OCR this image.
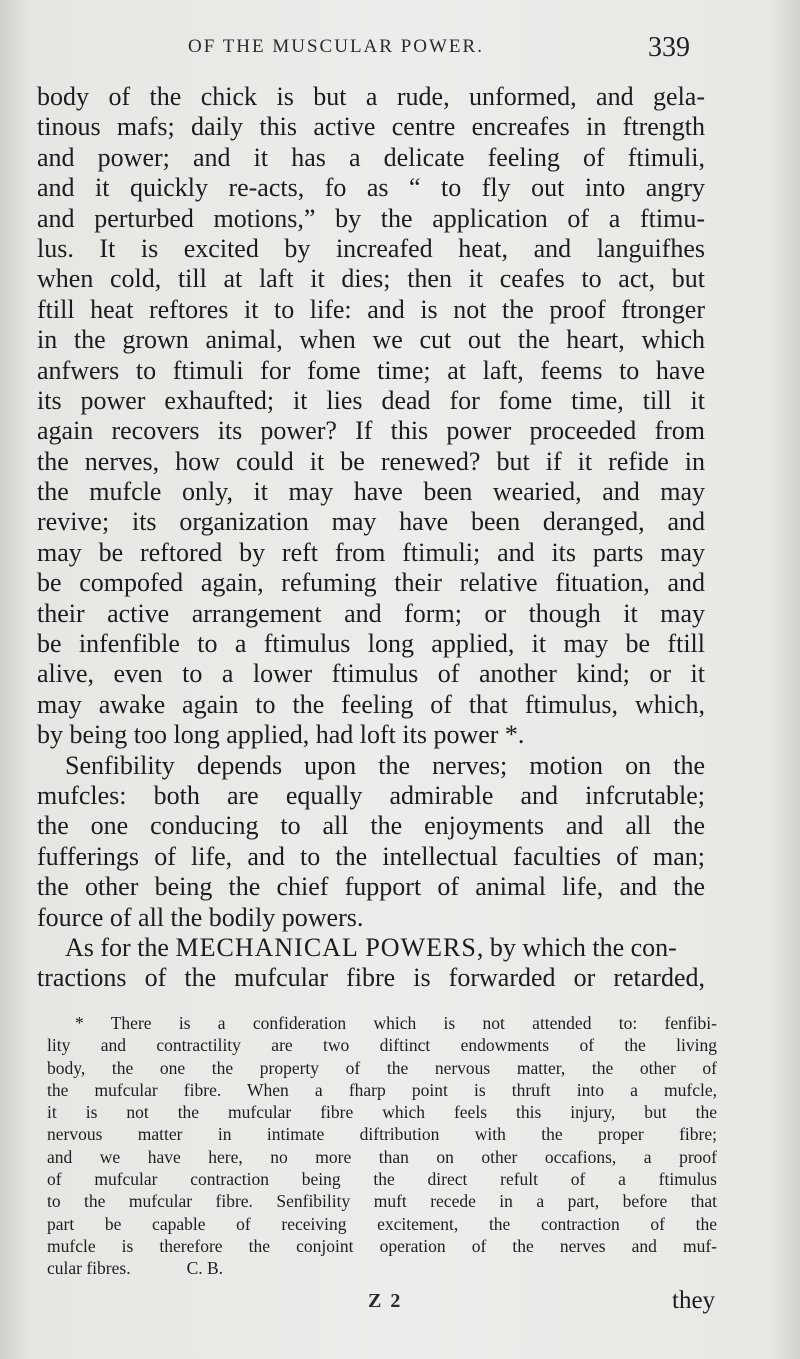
OF THE MUSCULAR POWER.	339
body of the chick is but a rude, unformed, and gela-
tinous mafs; daily this active centre encreafes in ftrength
and power; and it has a delicate feeling of ftimuli,
and it quickly re-acts, fo as “ to fly out into angry
and perturbed motions,” by the application of a ftimu-
lus. It is excited by increafed heat, and languifhes
when cold, till at laft it dies; then it ceafes to act, but
ftill heat reftores it to life: and is not the proof ftronger
in the grown animal, when we cut out the heart, which
anfwers to ftimuli for fome time; at laft, feems to have
its power exhaufted; it lies dead for fome time, till it
again recovers its power? If this power proceeded from
the nerves, how could it be renewed? but if it refide in
the mufcle only, it may have been wearied, and may
revive; its organization may have been deranged, and
may be reftored by reft from ftimuli; and its parts may
be compofed again, refuming their relative fituation, and
their active arrangement and form; or though it may
be infenfible to a ftimulus long applied, it may be ftill
alive, even to a lower ftimulus of another kind; or it
may awake again to the feeling of that ftimulus, which,
by being too long applied, had loft its power *.
Senfibility depends upon the nerves; motion on the
mufcles: both are equally admirable and infcrutable;
the one conducing to all the enjoyments and all the
fufferings of life, and to the intellectual faculties of man;
the other being the chief fupport of animal life, and the
fource of all the bodily powers.
As for the MECHANICAL POWERS, by which the con-
tractions of the mufcular fibre is forwarded or retarded,
* There is a confideration which is not attended to: fenfibi-
lity and contractility are two diftinct endowments of the living
body, the one the property of the nervous matter, the other of
the mufcular fibre. When a fharp point is thruft into a mufcle,
it is not the mufcular fibre which feels this injury, but the
nervous matter in intimate diftribution with the proper fibre;
and we have here, no more than on other occafions, a proof
of mufcular contraction being the direct refult of a ftimulus
to the mufcular fibre. Senfibility muft recede in a part, before that
part be capable of receiving excitement, the contraction of the
mufcle is therefore the conjoint operation of the nerves and muf-
cular fibres.	C. B.
Z 2	they
